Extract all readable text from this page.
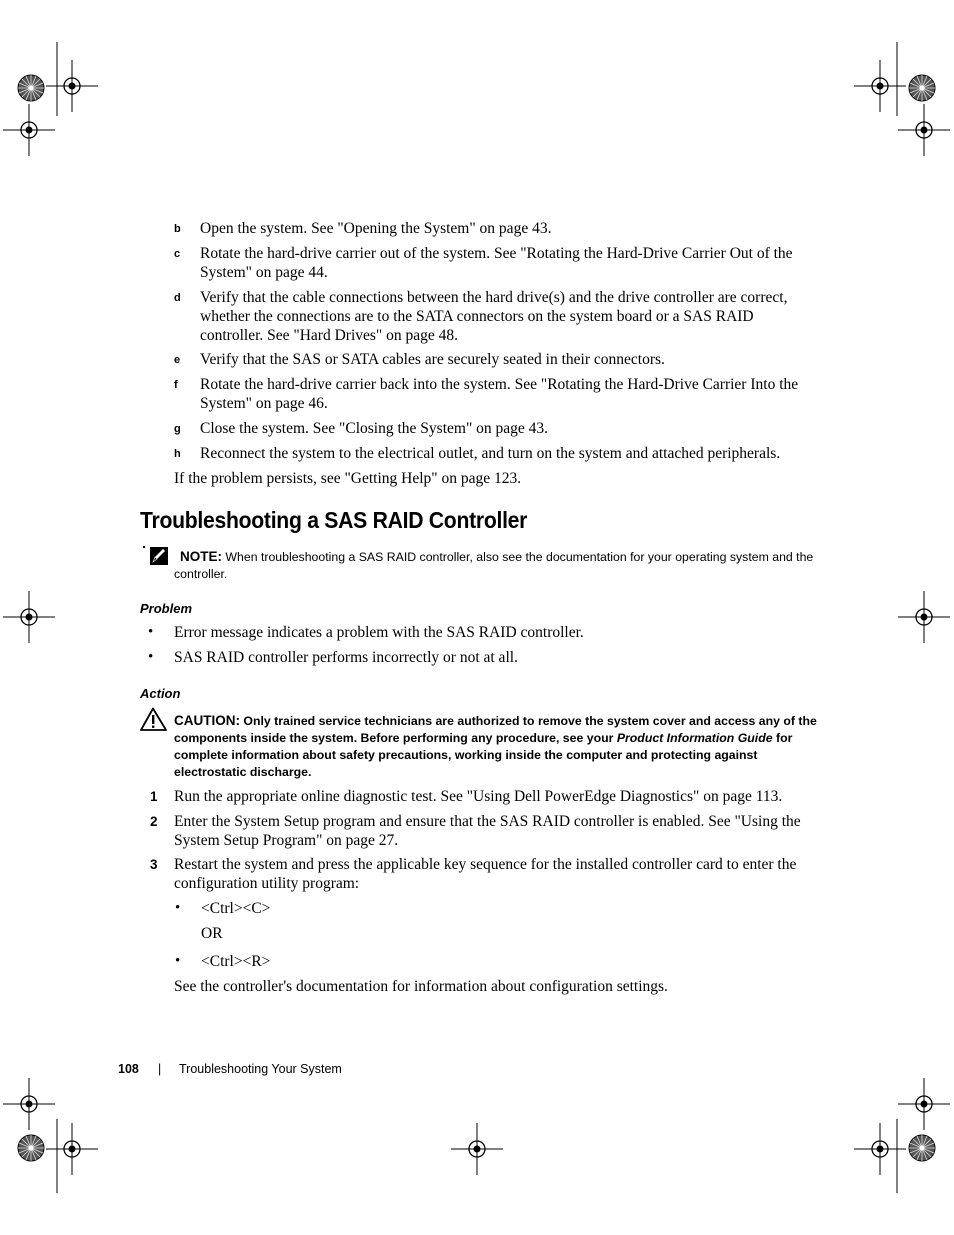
b Open the system. See "Opening the System" on page 43.
c Rotate the hard-drive carrier out of the system. See "Rotating the Hard-Drive Carrier Out of the System" on page 44.
d Verify that the cable connections between the hard drive(s) and the drive controller are correct, whether the connections are to the SATA connectors on the system board or a SAS RAID controller. See "Hard Drives" on page 48.
e Verify that the SAS or SATA cables are securely seated in their connectors.
f Rotate the hard-drive carrier back into the system. See "Rotating the Hard-Drive Carrier Into the System" on page 46.
g Close the system. See "Closing the System" on page 43.
h Reconnect the system to the electrical outlet, and turn on the system and attached peripherals.
If the problem persists, see "Getting Help" on page 123.
Troubleshooting a SAS RAID Controller
NOTE: When troubleshooting a SAS RAID controller, also see the documentation for your operating system and the controller.
Problem
• Error message indicates a problem with the SAS RAID controller.
• SAS RAID controller performs incorrectly or not at all.
Action
CAUTION: Only trained service technicians are authorized to remove the system cover and access any of the components inside the system. Before performing any procedure, see your Product Information Guide for complete information about safety precautions, working inside the computer and protecting against electrostatic discharge.
1 Run the appropriate online diagnostic test. See "Using Dell PowerEdge Diagnostics" on page 113.
2 Enter the System Setup program and ensure that the SAS RAID controller is enabled. See "Using the System Setup Program" on page 27.
3 Restart the system and press the applicable key sequence for the installed controller card to enter the configuration utility program:
• <Ctrl><C>
OR
• <Ctrl><R>
See the controller's documentation for information about configuration settings.
108 | Troubleshooting Your System
